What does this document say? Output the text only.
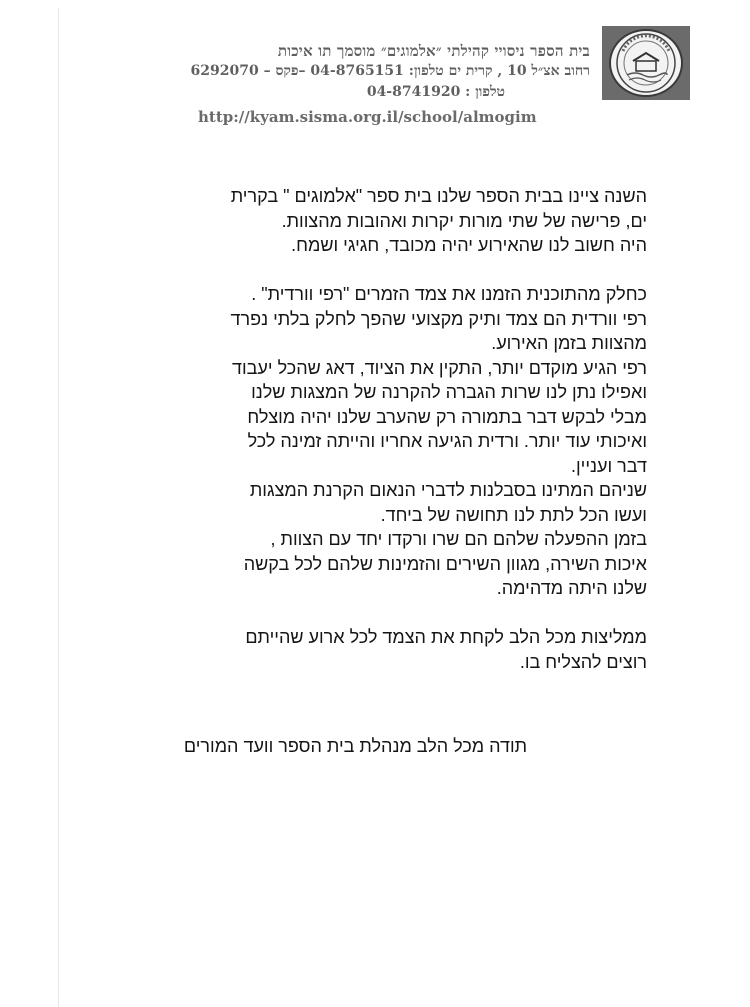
בית הספר ניסויי קהילתי ״אלמוגים״ מוסמך תו איכות
רחוב אצ״ל 10 , קרית ים טלפון: 04-8765151 –פקס – 6292070
טלפון : 04-8741920
http://kyam.sisma.org.il/school/almogim

השנה ציינו בבית הספר שלנו בית ספר "אלמוגים " בקרית

ים, פרישה של שתי מורות יקרות ואהובות מהצוות.

היה חשוב לנו שהאירוע יהיה מכובד, חגיגי ושמח.

כחלק מהתוכנית הזמנו את צמד הזמרים "רפי וורדית" .

רפי וורדית הם צמד ותיק מקצועי שהפך לחלק בלתי נפרד

מהצוות בזמן האירוע.

רפי הגיע מוקדם יותר, התקין את הציוד, דאג שהכל יעבוד

ואפילו נתן לנו שרות הגברה להקרנה של המצגות שלנו

מבלי לבקש דבר בתמורה רק שהערב שלנו יהיה מוצלח

ואיכותי עוד יותר. ורדית הגיעה אחריו והייתה זמינה לכל

דבר ועניין.

שניהם המתינו בסבלנות לדברי הנאום הקרנת המצגות

ועשו הכל לתת לנו תחושה של ביחד.

בזמן ההפעלה שלהם הם שרו ורקדו יחד עם הצוות ,

איכות השירה, מגוון השירים והזמינות שלהם לכל בקשה

שלנו היתה מדהימה.

ממליצות מכל הלב לקחת את הצמד לכל ארוע שהייתם

רוצים להצליח בו.

תודה מכל הלב מנהלת בית הספר וועד המורים
